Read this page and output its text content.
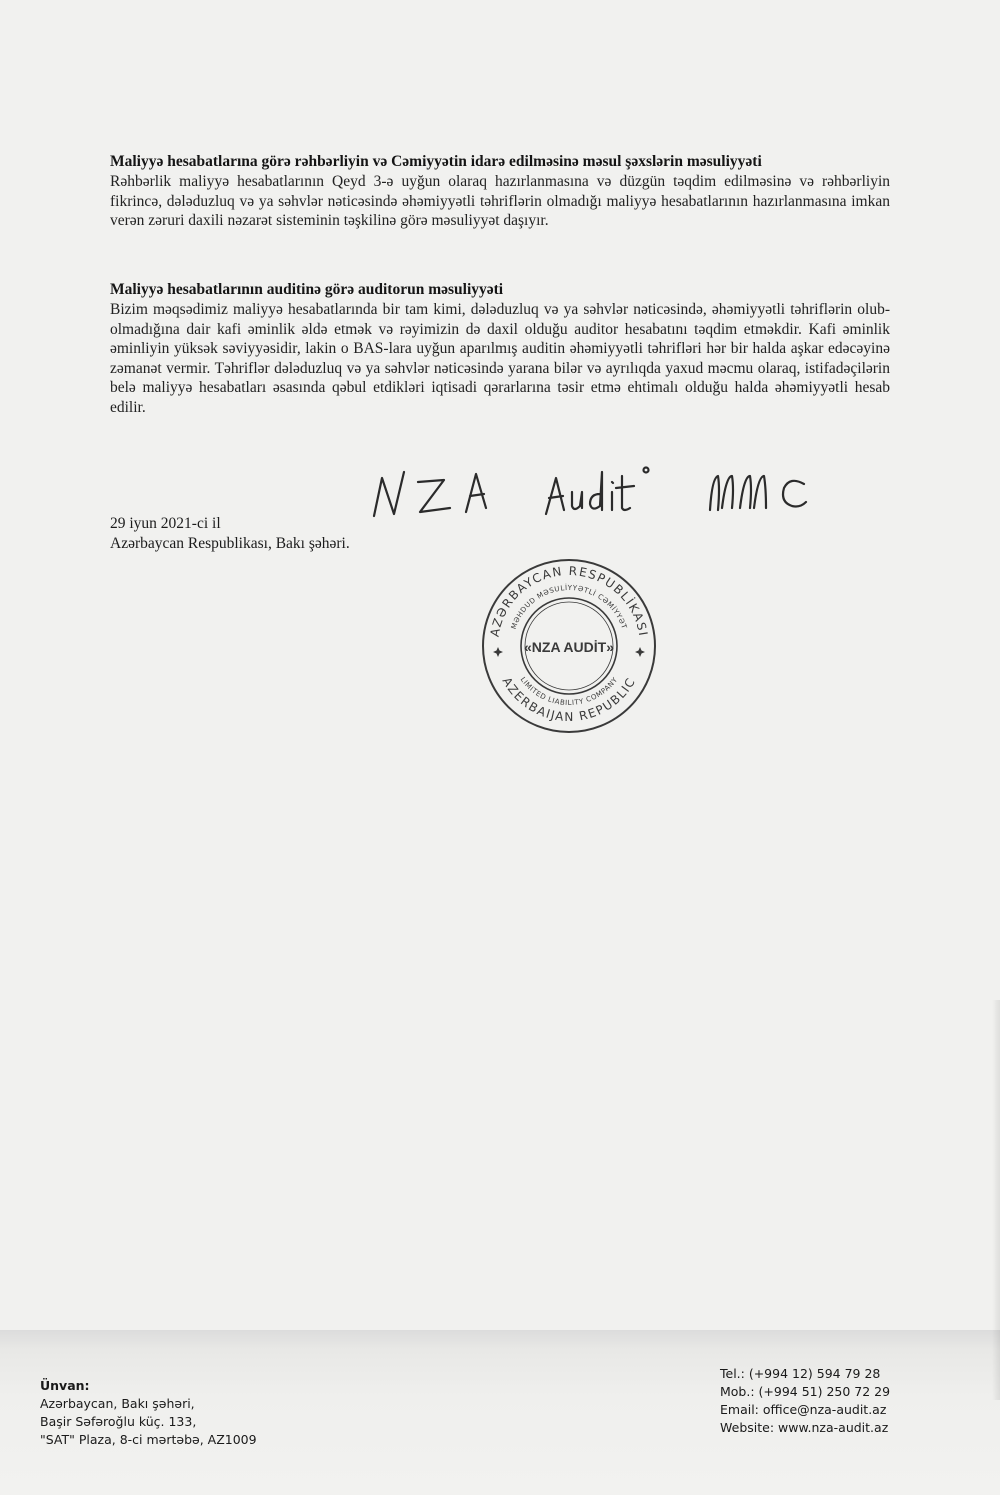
Maliyyə hesabatlarına görə rəhbərliyin və Cəmiyyətin idarə edilməsinə məsul şəxslərin məsuliyyəti

Rəhbərlik maliyyə hesabatlarının Qeyd 3-ə uyğun olaraq hazırlanmasına və düzgün təqdim edilməsinə və rəhbərliyin fikrincə, dələduzluq və ya səhvlər nəticəsində əhəmiyyətli təhriflərin olmadığı maliyyə hesabatlarının hazırlanmasına imkan verən zəruri daxili nəzarət sisteminin təşkilinə görə məsuliyyət daşıyır.

Maliyyə hesabatlarının auditinə görə auditorun məsuliyyəti

Bizim məqsədimiz maliyyə hesabatlarında bir tam kimi, dələduzluq və ya səhvlər nəticəsində, əhəmiyyətli təhriflərin olub-olmadığına dair kafi əminlik əldə etmək və rəyimizin də daxil olduğu auditor hesabatını təqdim etməkdir. Kafi əminlik əminliyin yüksək səviyyəsidir, lakin o BAS-lara uyğun aparılmış auditin əhəmiyyətli təhrifləri hər bir halda aşkar edəcəyinə zəmanət vermir. Təhriflər dələduzluq və ya səhvlər nəticəsində yarana bilər və ayrılıqda yaxud məcmu olaraq, istifadəçilərin belə maliyyə hesabatları əsasında qəbul etdikləri iqtisadi qərarlarına təsir etmə ehtimalı olduğu halda əhəmiyyətli hesab edilir.

29 iyun 2021-ci il
Azərbaycan Respublikası, Bakı şəhəri.
AZƏRBAYCAN RESPUBLİKASI
MƏHDUD MƏSULİYYƏTLİ CƏMİYYƏT
AZERBAIJAN REPUBLIC
LIMITED LIABILITY COMPANY
«NZA AUDİT»
Ünvan:
Azərbaycan, Bakı şəhəri,
Başir Səfəroğlu küç. 133,
"SAT" Plaza, 8-ci mərtəbə, AZ1009
Tel.: (+994 12) 594 79 28
Mob.: (+994 51) 250 72 29
Email: office@nza-audit.az
Website: www.nza-audit.az
